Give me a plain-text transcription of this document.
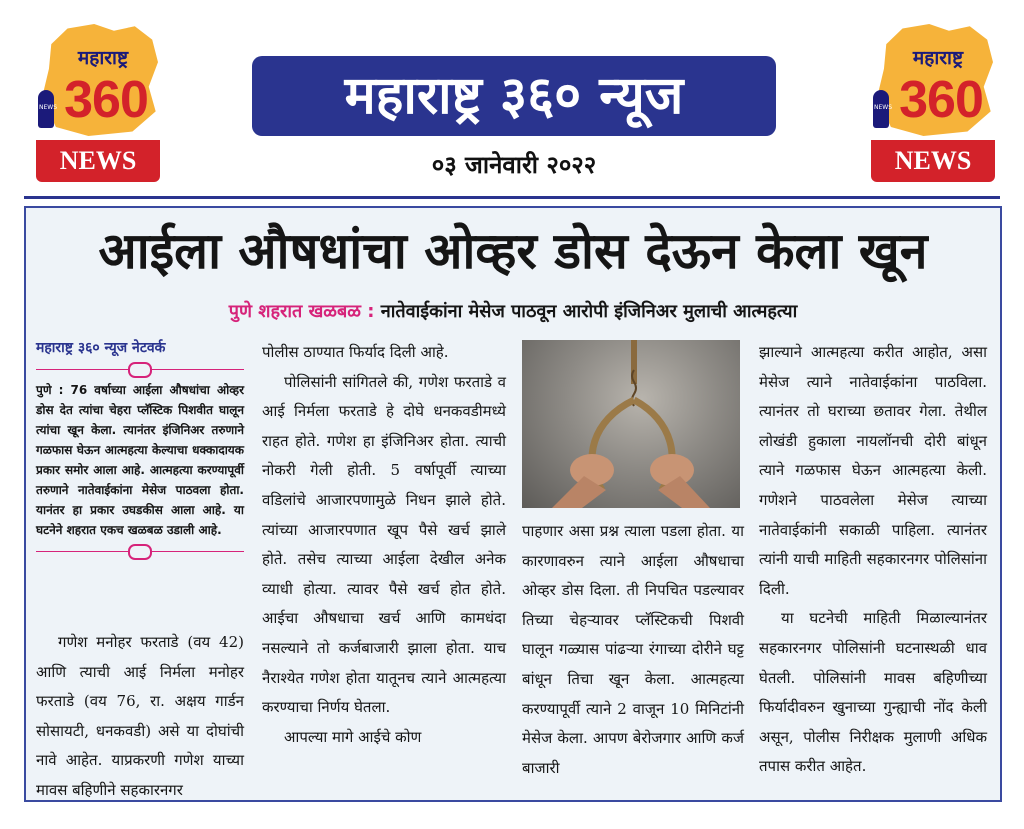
महाराष्ट्र
NEWS 360
NEWS
महाराष्ट्र ३६० न्यूज
०३ जानेवारी २०२२
महाराष्ट्र
NEWS 360
NEWS
आईला औषधांचा ओव्हर डोस देऊन केला खून
पुणे शहरात खळबळ : नातेवाईकांना मेसेज पाठवून आरोपी इंजिनिअर मुलाची आत्महत्या
महाराष्ट्र ३६० न्यूज नेटवर्क
पुणे : 76 वर्षाच्या आईला औषधांचा ओव्हर डोस देत त्यांचा चेहरा प्लॅस्टिक पिशवीत घालून त्यांचा खून केला. त्यानंतर इंजिनिअर तरुणाने गळफास घेऊन आत्महत्या केल्याचा धक्कादायक प्रकार समोर आला आहे. आत्महत्या करण्यापूर्वी तरुणाने नातेवाईकांना मेसेज पाठवला होता. यानंतर हा प्रकार उघडकीस आला आहे. या घटनेने शहरात एकच खळबळ उडाली आहे.

गणेश मनोहर फरताडे (वय 42) आणि त्याची आई निर्मला मनोहर फरताडे (वय 76, रा. अक्षय गार्डन सोसायटी, धनकवडी) असे या दोघांची नावे आहेत. याप्रकरणी गणेश याच्या मावस बहिणीने सहकारनगर

पोलीस ठाण्यात फिर्याद दिली आहे.

पोलिसांनी सांगितले की, गणेश फरताडे व आई निर्मला फरताडे हे दोघे धनकवडीमध्ये राहत होते. गणेश हा इंजिनिअर होता. त्याची नोकरी गेली होती. 5 वर्षापूर्वी त्याच्या वडिलांचे आजारपणामुळे निधन झाले होते. त्यांच्या आजारपणात खूप पैसे खर्च झाले होते. तसेच त्याच्या आईला देखील अनेक व्याधी होत्या. त्यावर पैसे खर्च होत होते. आईचा औषधाचा खर्च आणि कामधंदा नसल्याने तो कर्जबाजारी झाला होता. याच नैराश्येत गणेश होता यातूनच त्याने आत्महत्या करण्याचा निर्णय घेतला.

आपल्या मागे आईचे कोण

पाहणार असा प्रश्न त्याला पडला होता. या कारणावरुन त्याने आईला औषधाचा ओव्हर डोस दिला. ती निपचित पडल्यावर तिच्या चेहऱ्यावर प्लॅस्टिकची पिशवी घालून गळ्यास पांढऱ्या रंगाच्या दोरीने घट्ट बांधून तिचा खून केला. आत्महत्या करण्यापूर्वी त्याने 2 वाजून 10 मिनिटांनी मेसेज केला. आपण बेरोजगार आणि कर्ज बाजारी

झाल्याने आत्महत्या करीत आहोत, असा मेसेज त्याने नातेवाईकांना पाठविला. त्यानंतर तो घराच्या छतावर गेला. तेथील लोखंडी हुकाला नायलॉनची दोरी बांधून त्याने गळफास घेऊन आत्महत्या केली. गणेशने पाठवलेला मेसेज त्याच्या नातेवाईकांनी सकाळी पाहिला. त्यानंतर त्यांनी याची माहिती सहकारनगर पोलिसांना दिली.

या घटनेची माहिती मिळाल्यानंतर सहकारनगर पोलिसांनी घटनास्थळी धाव घेतली. पोलिसांनी मावस बहिणीच्या फिर्यादीवरुन खुनाच्या गुन्ह्याची नोंद केली असून, पोलीस निरीक्षक मुलाणी अधिक तपास करीत आहेत.
